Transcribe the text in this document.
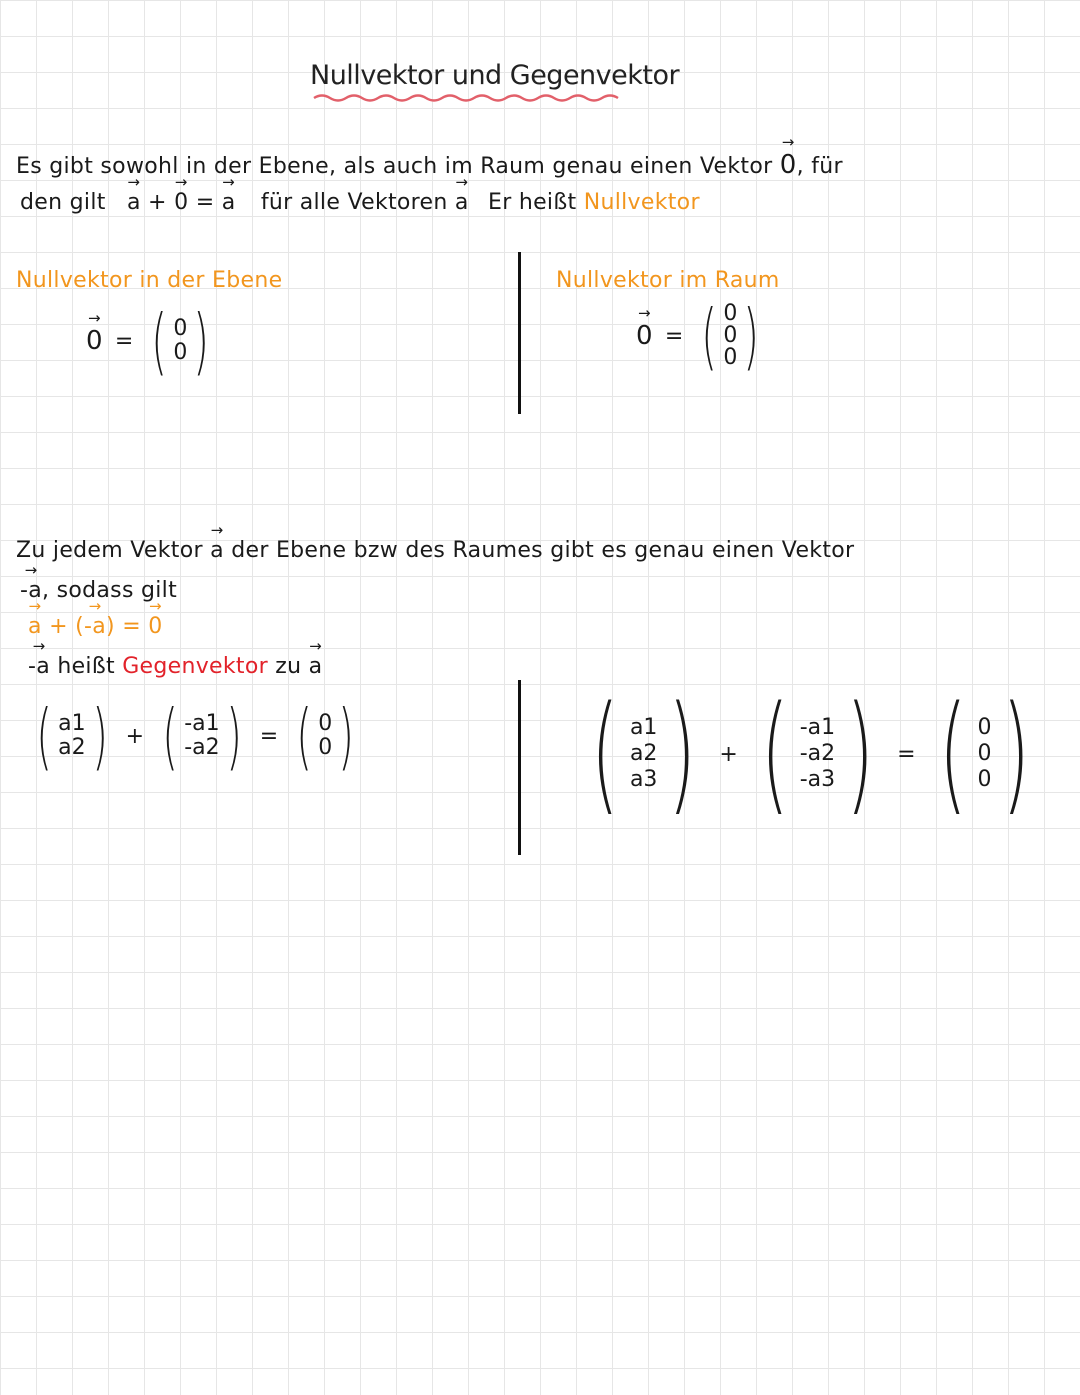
Nullvektor und Gegenvektor
Es gibt sowohl in der Ebene, als auch im Raum genau einen Vektor → 0, für
den gilt → a + → 0 = → a für alle Vektoren → a Er heißt Nullvektor
Nullvektor in der Ebene	Nullvektor im Raum
→ 0 = ( 0
0 )	→ 0 = ( 0
0
0 )
Zu jedem Vektor → a der Ebene bzw des Raumes gibt es genau einen Vektor
→ -a, sodass gilt
→ a + (→ -a) = → 0
→ -a heißt Gegenvektor zu → a
( a1
a2 ) + ( -a1
-a2 ) = ( 0
0 ) ( a1
a2
a3 ) + ( -a1
-a2
-a3 ) = ( 0
0
0 )
